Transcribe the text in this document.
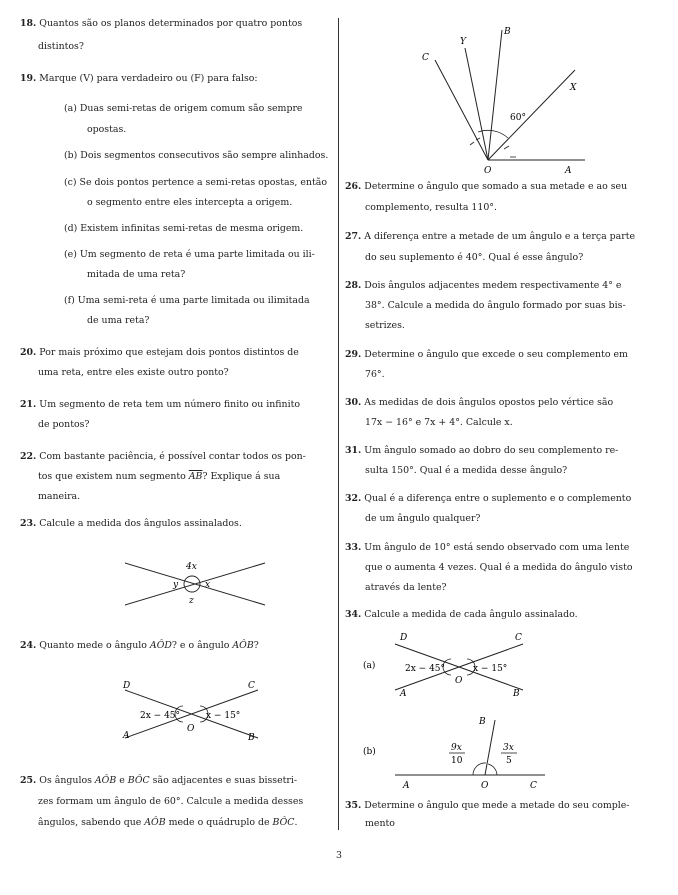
18. Quantos são os planos determinados por quatro pontos
distintos?
19. Marque (V) para verdadeiro ou (F) para falso:
(a) Duas semi-retas de origem comum são sempre
opostas.
(b) Dois segmentos consecutivos são sempre alinhados.
(c) Se dois pontos pertence a semi-retas opostas, então
o segmento entre eles intercepta a origem.
(d) Existem infinitas semi-retas de mesma origem.
(e) Um segmento de reta é uma parte limitada ou ili-
mitada de uma reta?
(f) Uma semi-reta é uma parte limitada ou ilimitada
de uma reta?
20. Por mais próximo que estejam dois pontos distintos de
uma reta, entre eles existe outro ponto?
21. Um segmento de reta tem um número finito ou infinito
de pontos?
22. Com bastante paciência, é possível contar todos os pon-
tos que existem num segmento $\overline{AB}$? Explique á sua
maneira.
23. Calcule a medida dos ângulos assinalados.
4x
y	x
z
24. Quanto mede o ângulo AÔD? e o ângulo AÔB?
D	C
A	B
O
2x − 45°	x − 15°
25. Os ângulos AÔB e BÔC são adjacentes e suas bissetri-
zes formam um ângulo de 60°. Calcule a medida desses
ângulos, sabendo que AÔB mede o quádruplo de BÔC.
B
Y
C
X
O	A
60°
26. Determine o ângulo que somado a sua metade e ao seu
complemento, resulta 110°.
27. A diferença entre a metade de um ângulo e a terça parte
do seu suplemento é 40°. Qual é esse ângulo?
28. Dois ângulos adjacentes medem respectivamente 4° e
38°. Calcule a medida do ângulo formado por suas bis-
setrizes.
29. Determine o ângulo que excede o seu complemento em
76°.
30. As medidas de dois ângulos opostos pelo vértice são
17x − 16° e 7x + 4°. Calcule x.
31. Um ângulo somado ao dobro do seu complemento re-
sulta 150°. Qual é a medida desse ângulo?
32. Qual é a diferença entre o suplemento e o complemento
de um ângulo qualquer?
33. Um ângulo de 10° está sendo observado com uma lente
que o aumenta 4 vezes. Qual é a medida do ângulo visto
através da lente?
34. Calcule a medida de cada ângulo assinalado.
(a)
D	C
A	B
O
2x − 45°	x − 15°
(b)
B
A	O	C
9x
10
3x
5
35. Determine o ângulo que mede a metade do seu comple-
mento
3
